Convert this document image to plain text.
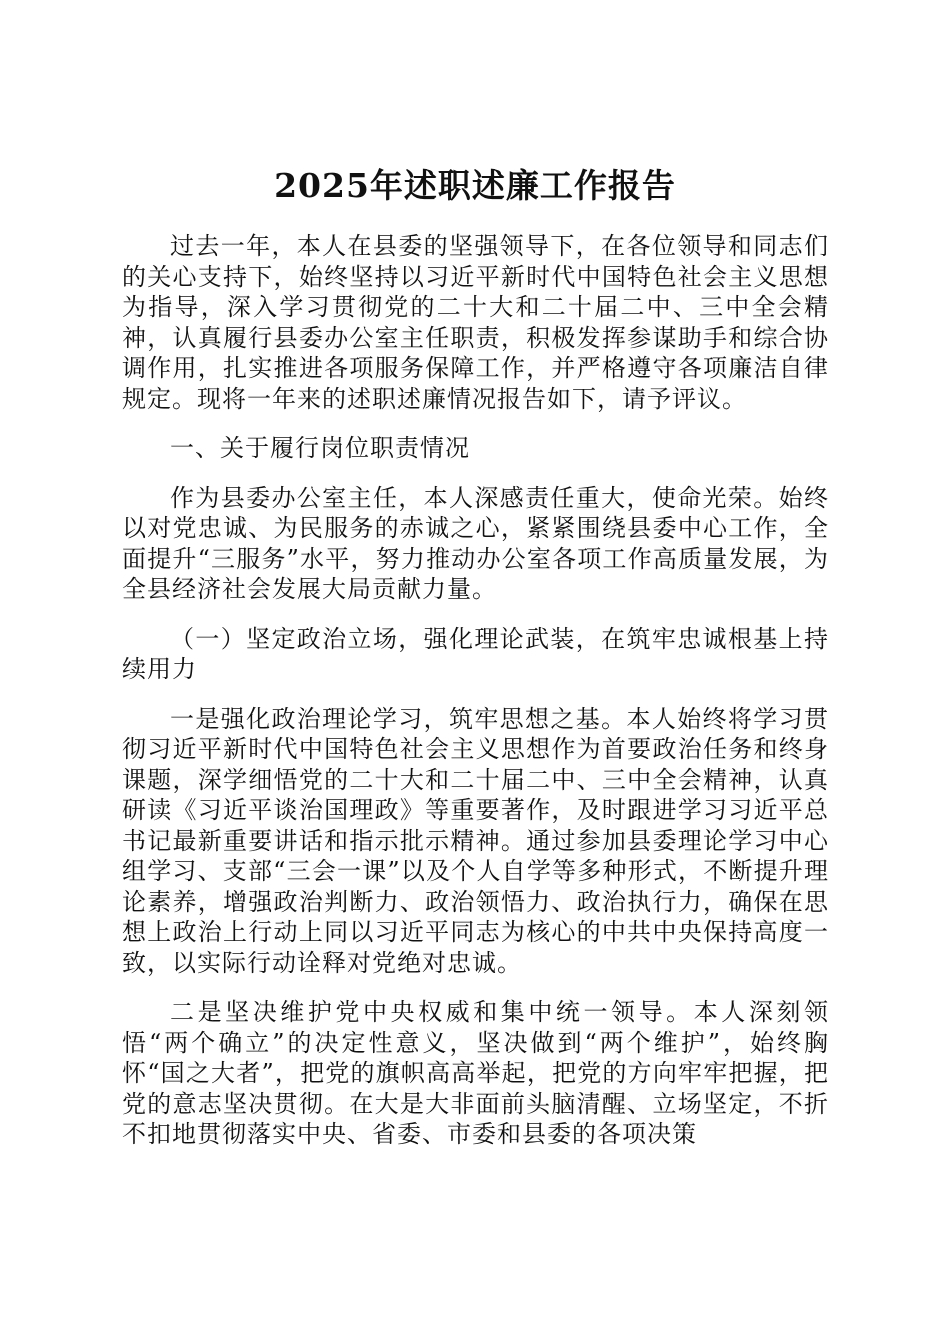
2025年述职述廉工作报告

过去一年，本人在县委的坚强领导下，在各位领导和同志们的关心支持下，始终坚持以习近平新时代中国特色社会主义思想为指导，深入学习贯彻党的二十大和二十届二中、三中全会精神，认真履行县委办公室主任职责，积极发挥参谋助手和综合协调作用，扎实推进各项服务保障工作，并严格遵守各项廉洁自律规定。现将一年来的述职述廉情况报告如下，请予评议。

一、关于履行岗位职责情况

作为县委办公室主任，本人深感责任重大，使命光荣。始终以对党忠诚、为民服务的赤诚之心，紧紧围绕县委中心工作，全面提升“三服务”水平，努力推动办公室各项工作高质量发展，为全县经济社会发展大局贡献力量。

（一）坚定政治立场，强化理论武装，在筑牢忠诚根基上持续用力

一是强化政治理论学习，筑牢思想之基。本人始终将学习贯彻习近平新时代中国特色社会主义思想作为首要政治任务和终身课题，深学细悟党的二十大和二十届二中、三中全会精神，认真研读《习近平谈治国理政》等重要著作，及时跟进学习习近平总书记最新重要讲话和指示批示精神。通过参加县委理论学习中心组学习、支部“三会一课”以及个人自学等多种形式，不断提升理论素养，增强政治判断力、政治领悟力、政治执行力，确保在思想上政治上行动上同以习近平同志为核心的中共中央保持高度一致，以实际行动诠释对党绝对忠诚。

二是坚决维护党中央权威和集中统一领导。本人深刻领悟“两个确立”的决定性意义，坚决做到“两个维护”，始终胸怀“国之大者”，把党的旗帜高高举起，把党的方向牢牢把握，把党的意志坚决贯彻。在大是大非面前头脑清醒、立场坚定，不折不扣地贯彻落实中央、省委、市委和县委的各项决策
